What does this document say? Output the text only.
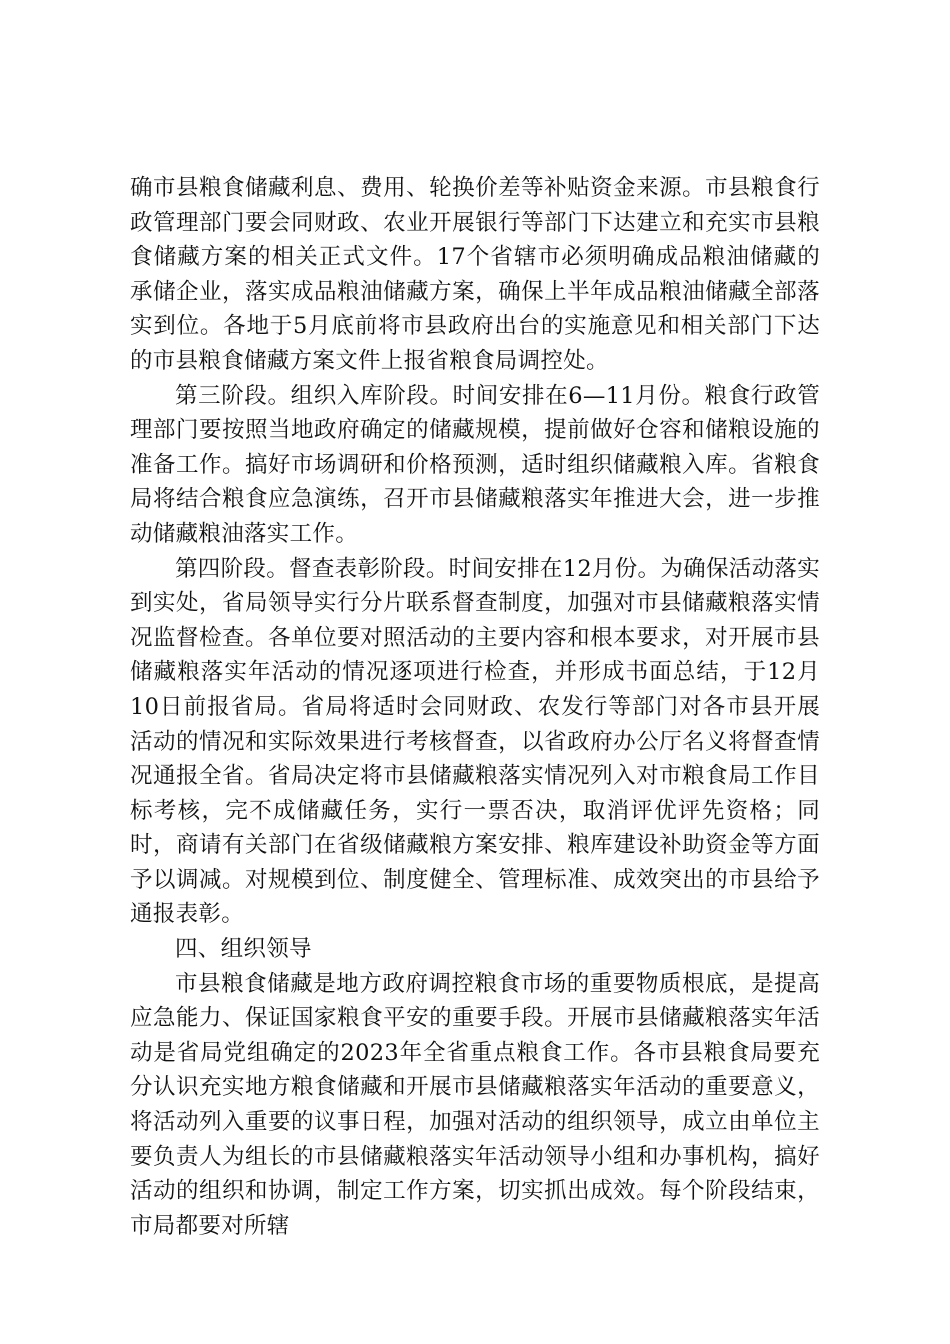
确市县粮食储藏利息、费用、轮换价差等补贴资金来源。市县粮食行政管理部门要会同财政、农业开展银行等部门下达建立和充实市县粮食储藏方案的相关正式文件。17个省辖市必须明确成品粮油储藏的承储企业，落实成品粮油储藏方案，确保上半年成品粮油储藏全部落实到位。各地于5月底前将市县政府出台的实施意见和相关部门下达的市县粮食储藏方案文件上报省粮食局调控处。

第三阶段。组织入库阶段。时间安排在6—11月份。粮食行政管理部门要按照当地政府确定的储藏规模，提前做好仓容和储粮设施的准备工作。搞好市场调研和价格预测，适时组织储藏粮入库。省粮食局将结合粮食应急演练，召开市县储藏粮落实年推进大会，进一步推动储藏粮油落实工作。

第四阶段。督查表彰阶段。时间安排在12月份。为确保活动落实到实处，省局领导实行分片联系督查制度，加强对市县储藏粮落实情况监督检查。各单位要对照活动的主要内容和根本要求，对开展市县储藏粮落实年活动的情况逐项进行检查，并形成书面总结，于12月10日前报省局。省局将适时会同财政、农发行等部门对各市县开展活动的情况和实际效果进行考核督查，以省政府办公厅名义将督查情况通报全省。省局决定将市县储藏粮落实情况列入对市粮食局工作目标考核，完不成储藏任务，实行一票否决，取消评优评先资格；同时，商请有关部门在省级储藏粮方案安排、粮库建设补助资金等方面予以调减。对规模到位、制度健全、管理标准、成效突出的市县给予通报表彰。

四、组织领导

市县粮食储藏是地方政府调控粮食市场的重要物质根底，是提高应急能力、保证国家粮食平安的重要手段。开展市县储藏粮落实年活动是省局党组确定的2023年全省重点粮食工作。各市县粮食局要充分认识充实地方粮食储藏和开展市县储藏粮落实年活动的重要意义，将活动列入重要的议事日程，加强对活动的组织领导，成立由单位主要负责人为组长的市县储藏粮落实年活动领导小组和办事机构，搞好活动的组织和协调，制定工作方案，切实抓出成效。每个阶段结束，市局都要对所辖
